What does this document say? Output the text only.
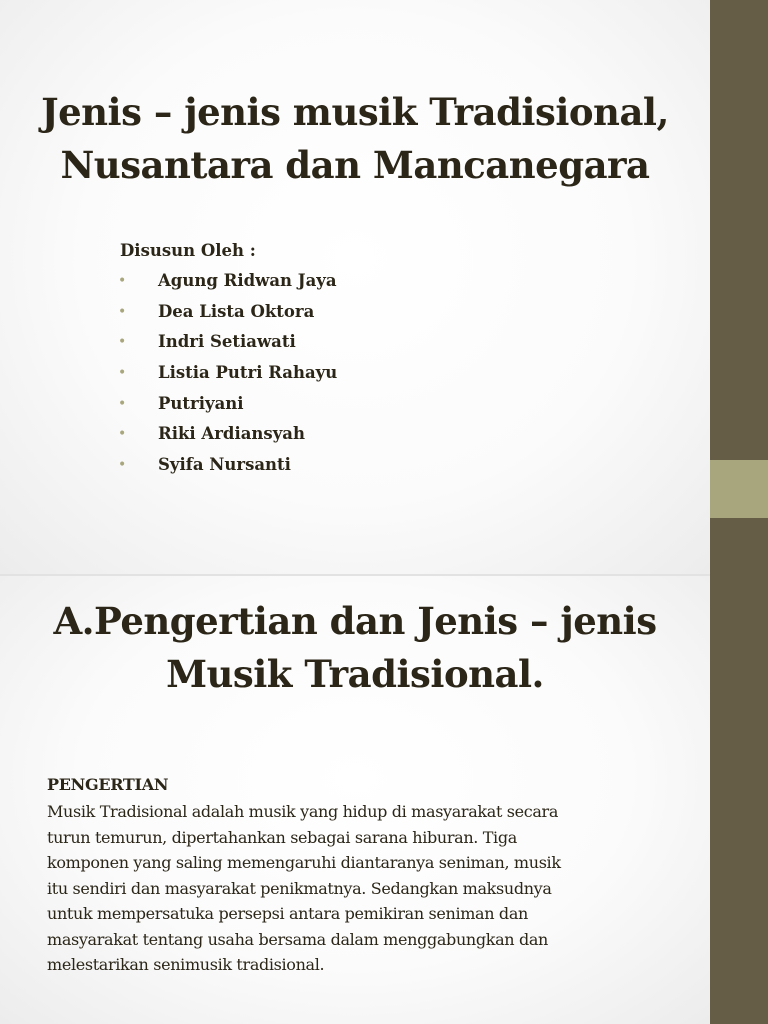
Jenis – jenis musik Tradisional,
Nusantara dan Mancanegara
Disusun Oleh :
• Agung Ridwan Jaya
• Dea Lista Oktora
• Indri Setiawati
• Listia Putri Rahayu
• Putriyani
• Riki Ardiansyah
• Syifa Nursanti
A.Pengertian dan Jenis – jenis
Musik Tradisional.
PENGERTIAN
Musik Tradisional adalah musik yang hidup di masyarakat secara
turun temurun, dipertahankan sebagai sarana hiburan. Tiga
komponen yang saling memengaruhi diantaranya seniman, musik
itu sendiri dan masyarakat penikmatnya. Sedangkan maksudnya
untuk mempersatuka persepsi antara pemikiran seniman dan
masyarakat tentang usaha bersama dalam menggabungkan dan
melestarikan senimusik tradisional.
